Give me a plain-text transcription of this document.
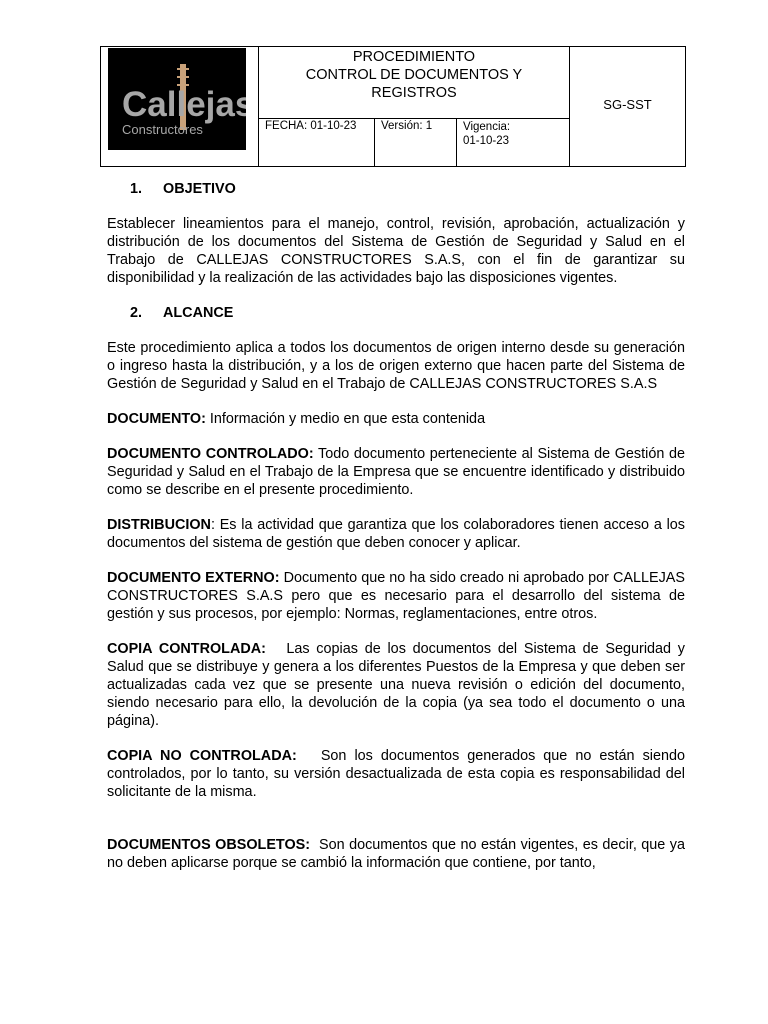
Callejas
Constructores
PROCEDIMIENTO
CONTROL DE DOCUMENTOS Y
REGISTROS
SG-SST
FECHA: 01-10-23	Versión: 1	Vigencia:
01-10-23
1. OBJETIVO

Establecer lineamientos para el manejo, control, revisión, aprobación, actualización y distribución de los documentos del Sistema de Gestión de Seguridad y Salud en el Trabajo de CALLEJAS CONSTRUCTORES S.A.S, con el fin de garantizar su disponibilidad y la realización de las actividades bajo las disposiciones vigentes.

2. ALCANCE

Este procedimiento aplica a todos los documentos de origen interno desde su generación o ingreso hasta la distribución, y a los de origen externo que hacen parte del Sistema de Gestión de Seguridad y Salud en el Trabajo de CALLEJAS CONSTRUCTORES S.A.S

DOCUMENTO: Información y medio en que esta contenida

DOCUMENTO CONTROLADO: Todo documento perteneciente al Sistema de Gestión de Seguridad y Salud en el Trabajo de la Empresa que se encuentre identificado y distribuido como se describe en el presente procedimiento.

DISTRIBUCION: Es la actividad que garantiza que los colaboradores tienen acceso a los documentos del sistema de gestión que deben conocer y aplicar.

DOCUMENTO EXTERNO: Documento que no ha sido creado ni aprobado por CALLEJAS CONSTRUCTORES S.A.S pero que es necesario para el desarrollo del sistema de gestión y sus procesos, por ejemplo: Normas, reglamentaciones, entre otros.

COPIA CONTROLADA:   Las copias de los documentos del Sistema de Seguridad y Salud que se distribuye y genera a los diferentes Puestos de la Empresa y que deben ser actualizadas cada vez que se presente una nueva revisión o edición del documento, siendo necesario para ello, la devolución de la copia (ya sea todo el documento o una página).

COPIA NO CONTROLADA:   Son los documentos generados que no están siendo controlados, por lo tanto, su versión desactualizada de esta copia es responsabilidad del solicitante de la misma.

DOCUMENTOS OBSOLETOS:  Son documentos que no están vigentes, es decir, que ya no deben aplicarse porque se cambió la información que contiene, por tanto,
